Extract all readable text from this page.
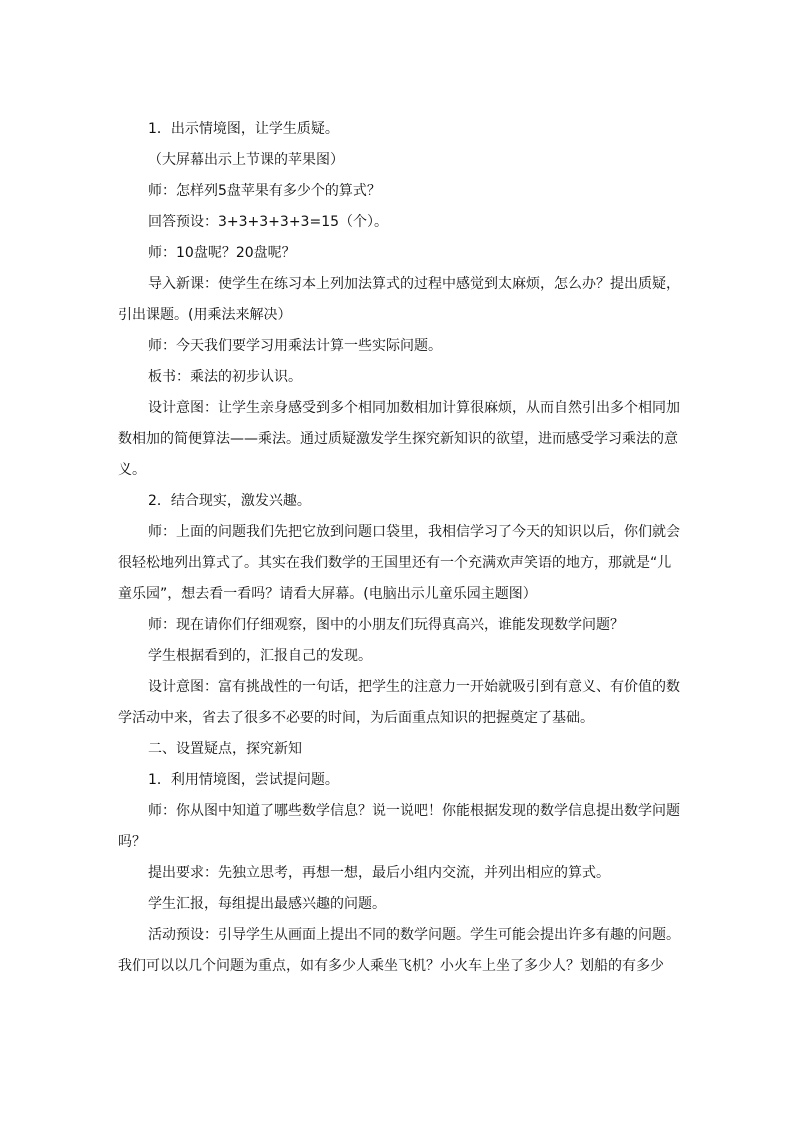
1．出示情境图，让学生质疑。

（大屏幕出示上节课的苹果图）

师：怎样列5盘苹果有多少个的算式？

回答预设：3+3+3+3+3=15（个）。

师：10盘呢？20盘呢？

导入新课：使学生在练习本上列加法算式的过程中感觉到太麻烦，怎么办？提出质疑，
引出课题。(用乘法来解决）

师：今天我们要学习用乘法计算一些实际问题。

板书：乘法的初步认识。

设计意图：让学生亲身感受到多个相同加数相加计算很麻烦，从而自然引出多个相同加
数相加的简便算法——乘法。通过质疑激发学生探究新知识的欲望，进而感受学习乘法的意
义。

2．结合现实，激发兴趣。

师：上面的问题我们先把它放到问题口袋里，我相信学习了今天的知识以后，你们就会
很轻松地列出算式了。其实在我们数学的王国里还有一个充满欢声笑语的地方，那就是“儿
童乐园”，想去看一看吗？请看大屏幕。(电脑出示儿童乐园主题图）

师：现在请你们仔细观察，图中的小朋友们玩得真高兴，谁能发现数学问题？

学生根据看到的，汇报自己的发现。

设计意图：富有挑战性的一句话，把学生的注意力一开始就吸引到有意义、有价值的数
学活动中来，省去了很多不必要的时间，为后面重点知识的把握奠定了基础。

二、设置疑点，探究新知

1．利用情境图，尝试提问题。

师：你从图中知道了哪些数学信息？说一说吧！你能根据发现的数学信息提出数学问题
吗？

提出要求：先独立思考，再想一想，最后小组内交流，并列出相应的算式。

学生汇报，每组提出最感兴趣的问题。

活动预设：引导学生从画面上提出不同的数学问题。学生可能会提出许多有趣的问题。
我们可以以几个问题为重点，如有多少人乘坐飞机？小火车上坐了多少人？划船的有多少
